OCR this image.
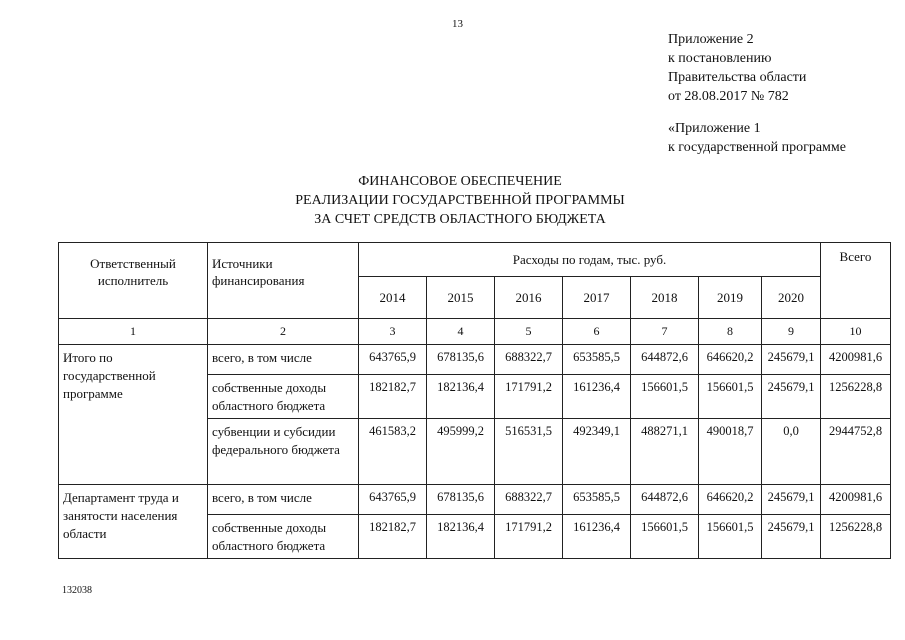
13
Приложение 2
к постановлению
Правительства области
от 28.08.2017 № 782
«Приложение 1
к государственной программе
ФИНАНСОВОЕ ОБЕСПЕЧЕНИЕ
РЕАЛИЗАЦИИ ГОСУДАРСТВЕННОЙ ПРОГРАММЫ
ЗА СЧЕТ СРЕДСТВ ОБЛАСТНОГО БЮДЖЕТА
Ответственный исполнитель	Источники финансирования	Расходы по годам, тыс. руб.							Всего
		2014	2015	2016	2017	2018	2019	2020	
1	2	3	4	5	6	7	8	9	10
Итого по государственной программе	всего, в том числе	643765,9	678135,6	688322,7	653585,5	644872,6	646620,2	245679,1	4200981,6
	собственные доходы областного бюджета	182182,7	182136,4	171791,2	161236,4	156601,5	156601,5	245679,1	1256228,8
	субвенции и субсидии федерального бюджета	461583,2	495999,2	516531,5	492349,1	488271,1	490018,7	0,0	2944752,8
Департамент труда и занятости населения области	всего, в том числе	643765,9	678135,6	688322,7	653585,5	644872,6	646620,2	245679,1	4200981,6
	собственные доходы областного бюджета	182182,7	182136,4	171791,2	161236,4	156601,5	156601,5	245679,1	1256228,8
132038
